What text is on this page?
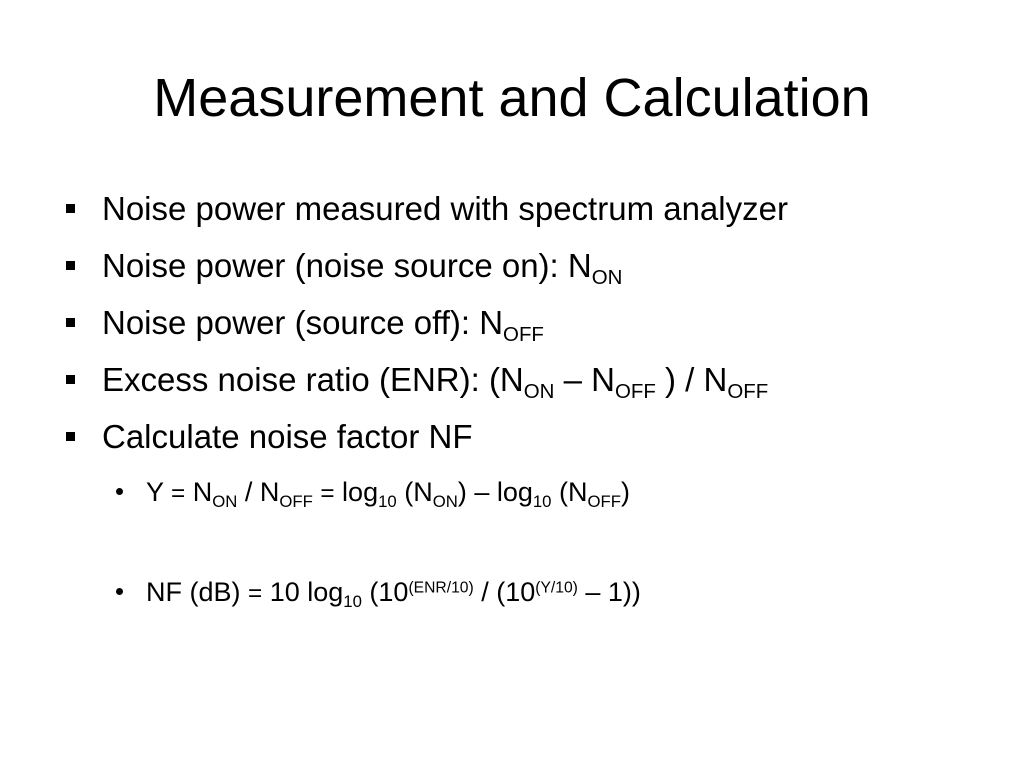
Measurement and Calculation
Noise power measured with spectrum analyzer
Noise power (noise source on): $N_{ON}$
Noise power (source off): $N_{OFF}$
Excess noise ratio (ENR): ($N_{ON} - N_{OFF}$ ) / $N_{OFF}$
Calculate noise factor NF
$Y = N_{ON} / N_{OFF} = \log_{10} (N_{ON}) - \log_{10} (N_{OFF})$
NF (dB) = 10 $\log_{10} (10^{(ENR/10)} / (10^{(Y/10)} - 1))$
